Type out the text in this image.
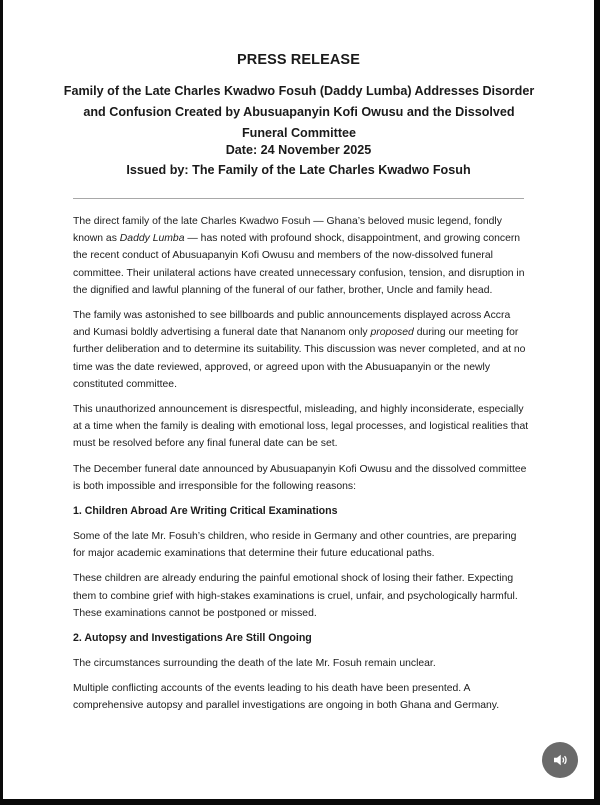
PRESS RELEASE
Family of the Late Charles Kwadwo Fosuh (Daddy Lumba) Addresses Disorder and Confusion Created by Abusuapanyin Kofi Owusu and the Dissolved Funeral Committee
Date: 24 November 2025
Issued by: The Family of the Late Charles Kwadwo Fosuh

The direct family of the late Charles Kwadwo Fosuh — Ghana’s beloved music legend, fondly known as Daddy Lumba — has noted with profound shock, disappointment, and growing concern the recent conduct of Abusuapanyin Kofi Owusu and members of the now-dissolved funeral committee. Their unilateral actions have created unnecessary confusion, tension, and disruption in the dignified and lawful planning of the funeral of our father, brother, Uncle and family head.

The family was astonished to see billboards and public announcements displayed across Accra and Kumasi boldly advertising a funeral date that Nananom only proposed during our meeting for further deliberation and to determine its suitability. This discussion was never completed, and at no time was the date reviewed, approved, or agreed upon with the Abusuapanyin or the newly constituted committee.

This unauthorized announcement is disrespectful, misleading, and highly inconsiderate, especially at a time when the family is dealing with emotional loss, legal processes, and logistical realities that must be resolved before any final funeral date can be set.

The December funeral date announced by Abusuapanyin Kofi Owusu and the dissolved committee is both impossible and irresponsible for the following reasons:

1. Children Abroad Are Writing Critical Examinations

Some of the late Mr. Fosuh’s children, who reside in Germany and other countries, are preparing for major academic examinations that determine their future educational paths.

These children are already enduring the painful emotional shock of losing their father. Expecting them to combine grief with high-stakes examinations is cruel, unfair, and psychologically harmful. These examinations cannot be postponed or missed.

2. Autopsy and Investigations Are Still Ongoing

The circumstances surrounding the death of the late Mr. Fosuh remain unclear.

Multiple conflicting accounts of the events leading to his death have been presented. A comprehensive autopsy and parallel investigations are ongoing in both Ghana and Germany.
